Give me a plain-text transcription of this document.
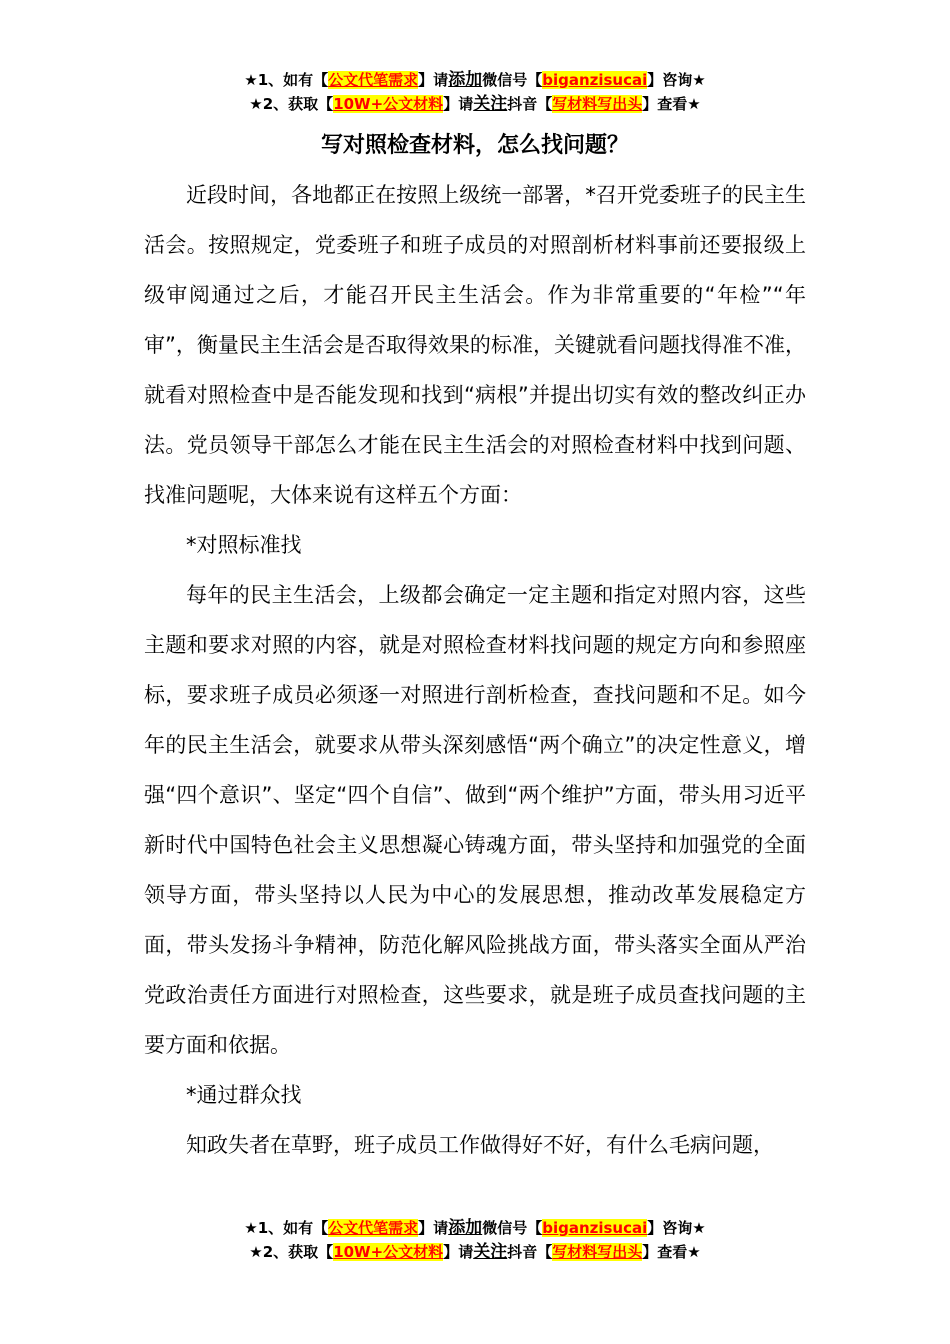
★1、如有【公文代笔需求】请添加微信号【biganzisucai】咨询★
★2、获取【10W+公文材料】请关注抖音【写材料写出头】查看★
写对照检查材料，怎么找问题？

近段时间，各地都正在按照上级统一部署，*召开党委班子的民主生活会。按照规定，党委班子和班子成员的对照剖析材料事前还要报级上级审阅通过之后，才能召开民主生活会。作为非常重要的“年检”“年审”，衡量民主生活会是否取得效果的标准，关键就看问题找得准不准，就看对照检查中是否能发现和找到“病根”并提出切实有效的整改纠正办法。党员领导干部怎么才能在民主生活会的对照检查材料中找到问题、找准问题呢，大体来说有这样五个方面：

*对照标准找

每年的民主生活会，上级都会确定一定主题和指定对照内容，这些主题和要求对照的内容，就是对照检查材料找问题的规定方向和参照座标，要求班子成员必须逐一对照进行剖析检查，查找问题和不足。如今年的民主生活会，就要求从带头深刻感悟“两个确立”的决定性意义，增强“四个意识”、坚定“四个自信”、做到“两个维护”方面，带头用习近平新时代中国特色社会主义思想凝心铸魂方面，带头坚持和加强党的全面领导方面，带头坚持以人民为中心的发展思想，推动改革发展稳定方面，带头发扬斗争精神，防范化解风险挑战方面，带头落实全面从严治党政治责任方面进行对照检查，这些要求，就是班子成员查找问题的主要方面和依据。

*通过群众找

知政失者在草野，班子成员工作做得好不好，有什么毛病问题，

★1、如有【公文代笔需求】请添加微信号【biganzisucai】咨询★
★2、获取【10W+公文材料】请关注抖音【写材料写出头】查看★
